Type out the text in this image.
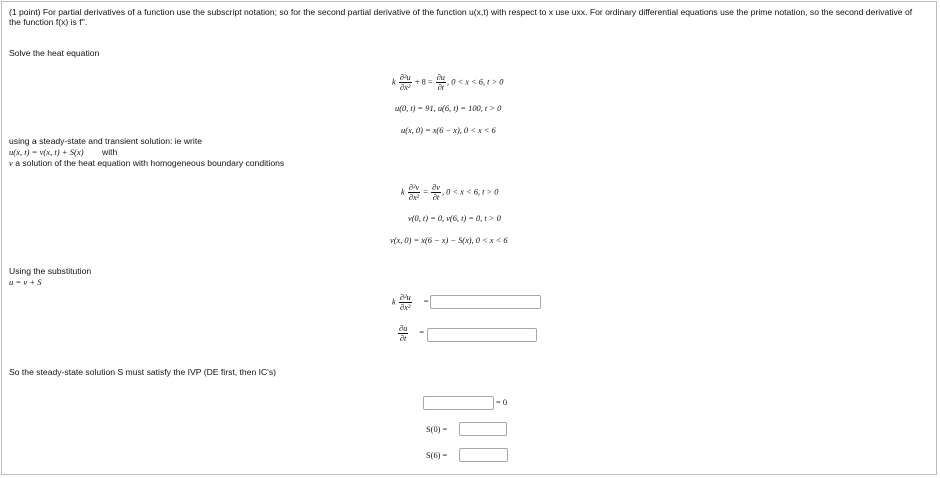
(1 point) For partial derivatives of a function use the subscript notation; so for the second partial derivative of the function u(x,t) with respect to x use uxx. For ordinary differential equations use the prime notation, so the second derivative of the function f(x) is f''.
Solve the heat equation
k $\frac{\text{∂²u}}{\text{∂x²}} + 8 = \frac{\partial u}{\partial t}$ , 0 < x < 6, t > 0
u(0, t) = 91, u(6, t) = 100, t > 0
u(x, 0) = x(6 − x), 0 < x < 6
using a steady-state and transient solution: ie write
u(x, t) = v(x, t) + S(x) with
v a solution of the heat equation with homogeneous boundary conditions
k $\frac{\text{∂²v}}{\text{∂x²}} = \frac{\partial v}{\partial t}$ , 0 < x < 6, t > 0
v(0, t) = 0, v(6, t) = 0, t > 0
v(x, 0) = x(6 − x) − S(x), 0 < x < 6
Using the substitution
u = v + S
k $\frac{\text{∂²u}}{\text{∂x²}}$ =
$\frac{\partial u}{\partial t}$ =
So the steady-state solution S must satisfy the IVP (DE first, then IC's)
= 0
S(0) =
S(6) =
